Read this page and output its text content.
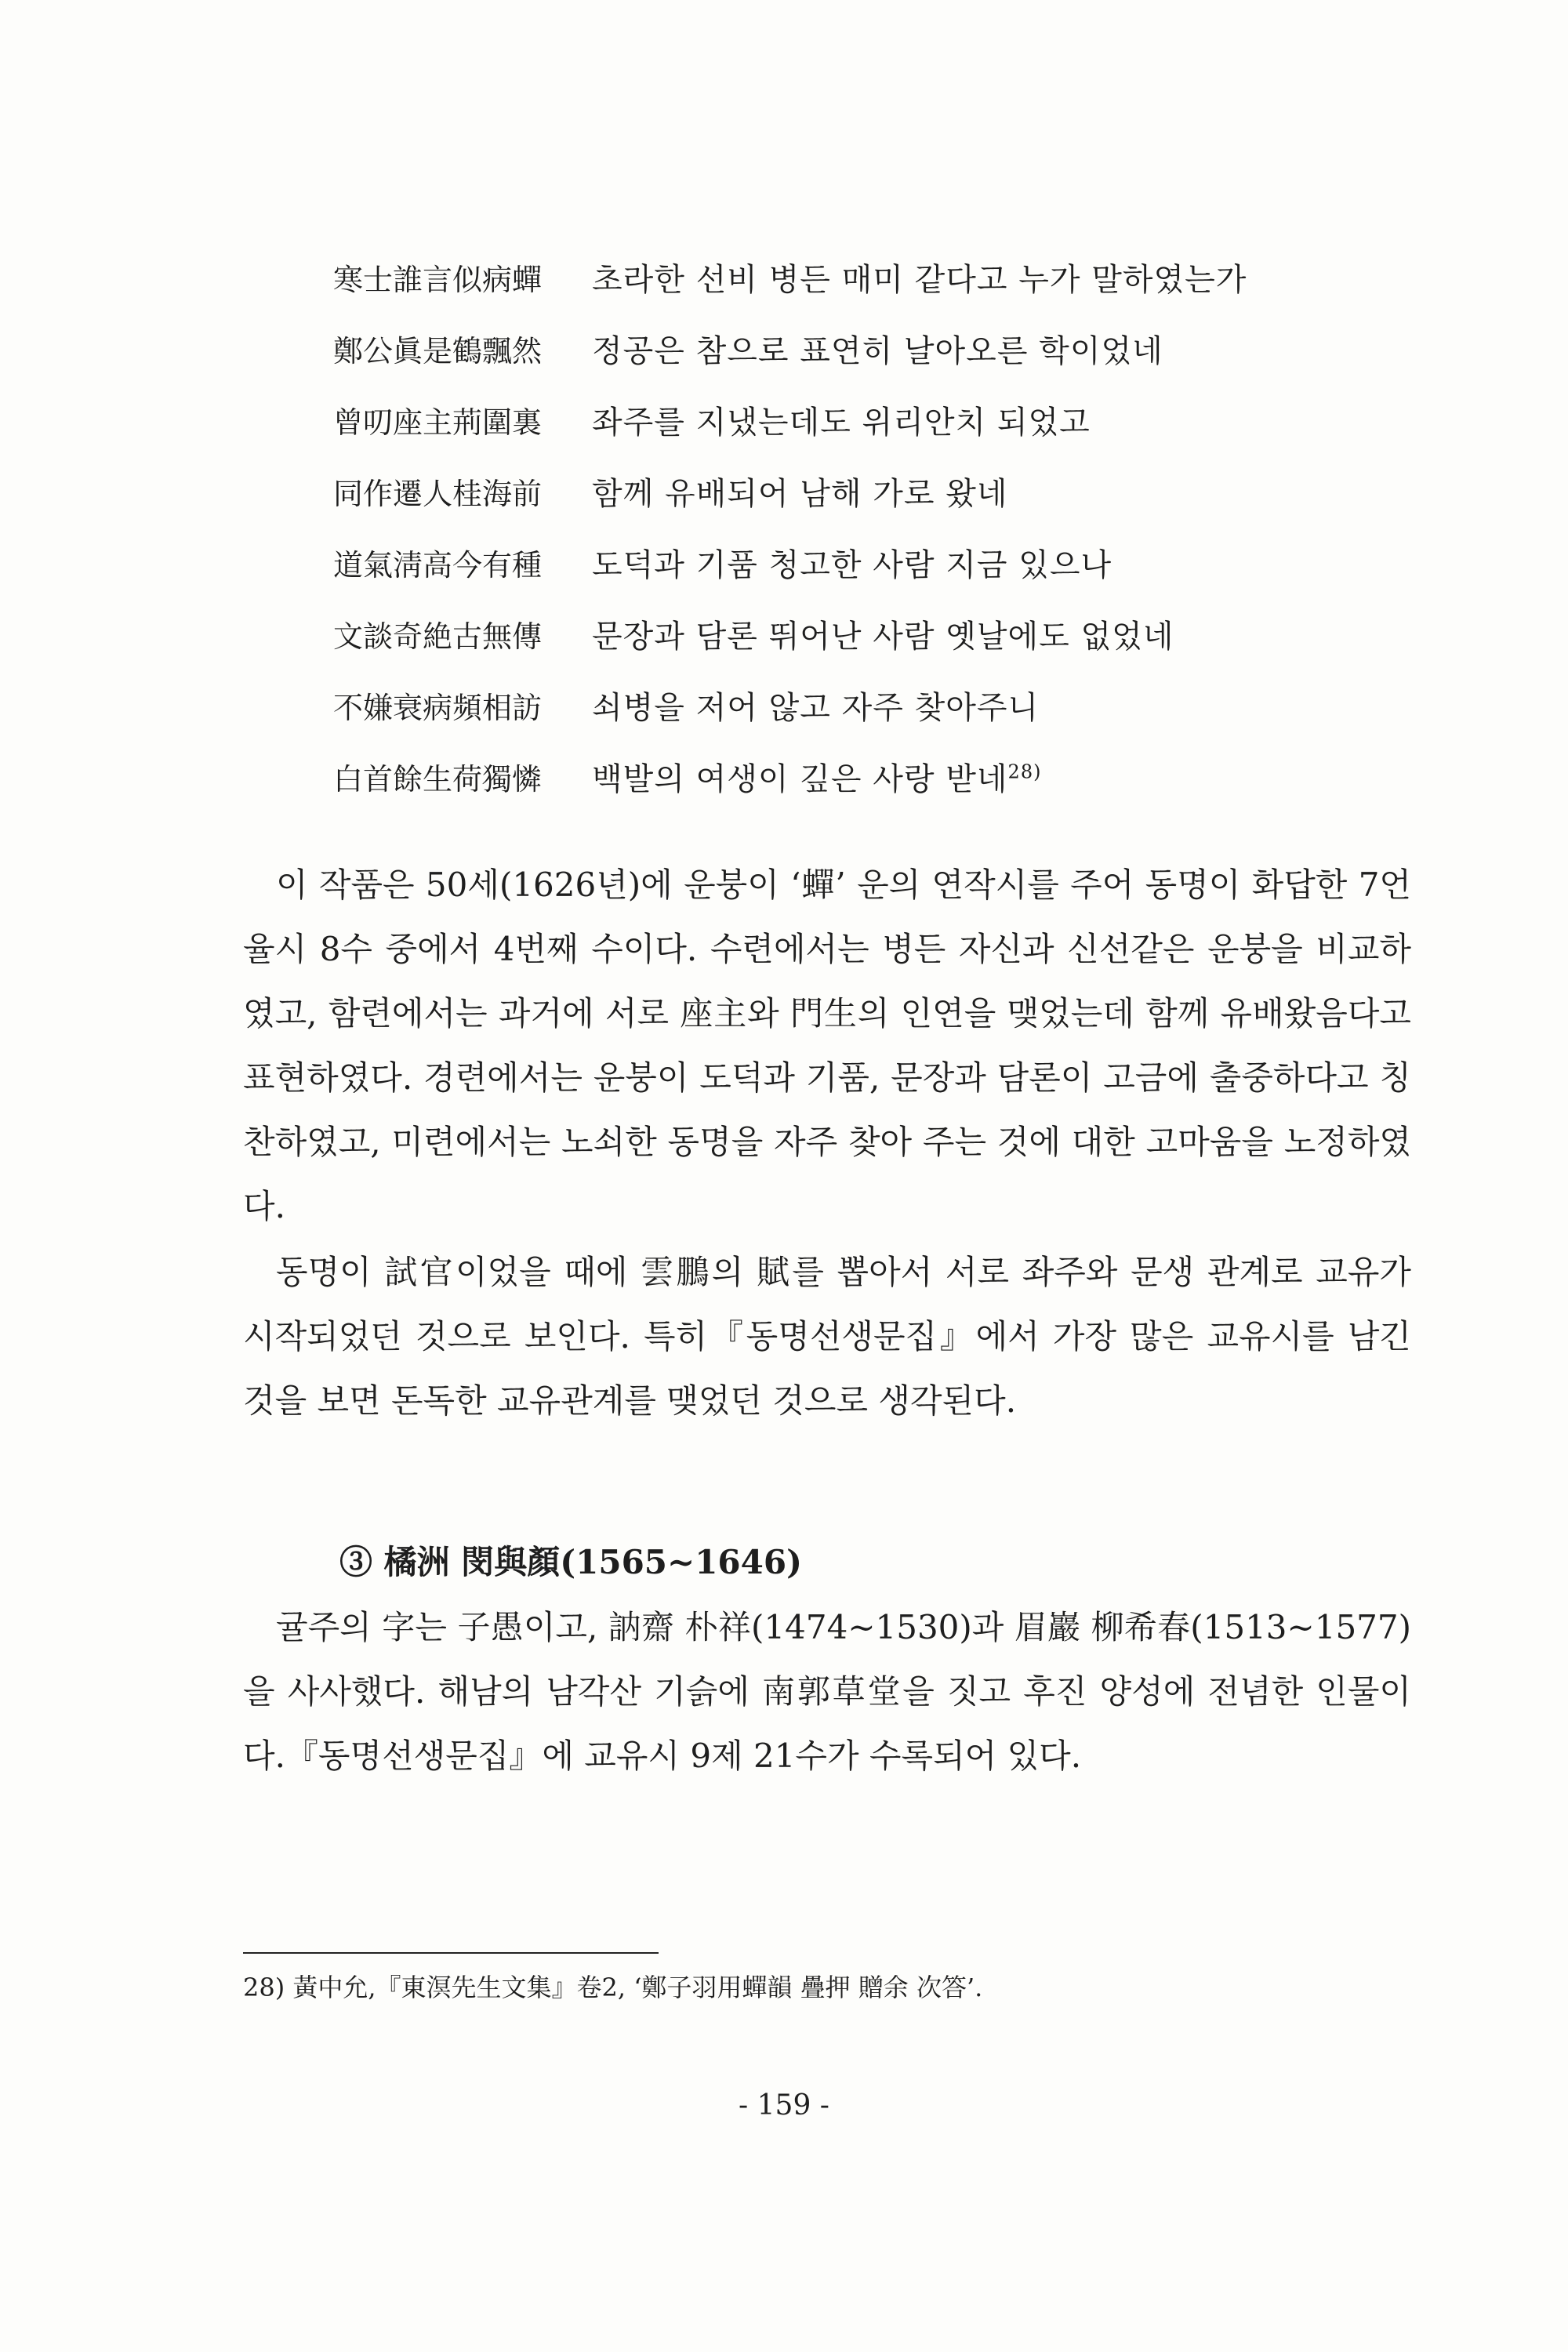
寒士誰言似病蟬	초라한 선비 병든 매미 같다고 누가 말하였는가
鄭公眞是鶴飄然	정공은 참으로 표연히 날아오른 학이었네
曾叨座主荊圍裏	좌주를 지냈는데도 위리안치 되었고
同作遷人桂海前	함께 유배되어 남해 가로 왔네
道氣淸高今有種	도덕과 기품 청고한 사람 지금 있으나
文談奇絶古無傳	문장과 담론 뛰어난 사람 옛날에도 없었네
不嫌衰病頻相訪	쇠병을 저어 않고 자주 찾아주니
白首餘生荷獨憐	백발의 여생이 깊은 사랑 받네$^{28)}$

이 작품은 50세(1626년)에 운붕이 ‘蟬’ 운의 연작시를 주어 동명이 화답한 7언 율시 8수 중에서 4번째 수이다. 수련에서는 병든 자신과 신선같은 운붕을 비교하였고, 함련에서는 과거에 서로 座主와 門生의 인연을 맺었는데 함께 유배왔음다고 표현하였다. 경련에서는 운붕이 도덕과 기품, 문장과 담론이 고금에 출중하다고 칭찬하였고, 미련에서는 노쇠한 동명을 자주 찾아 주는 것에 대한 고마움을 노정하였다.

동명이 試官이었을 때에 雲鵬의 賦를 뽑아서 서로 좌주와 문생 관계로 교유가 시작되었던 것으로 보인다. 특히『동명선생문집』에서 가장 많은 교유시를 남긴 것을 보면 돈독한 교유관계를 맺었던 것으로 생각된다.

③ 橘洲 閔與顏(1565~1646)

귤주의 字는 子愚이고, 訥齋 朴祥(1474~1530)과 眉巖 柳希春(1513~1577)을 사사했다. 해남의 남각산 기슭에 南郭草堂을 짓고 후진 양성에 전념한 인물이다.『동명선생문집』에 교유시 9제 21수가 수록되어 있다.

28) 黃中允,『東溟先生文集』卷2, ‘鄭子羽用蟬韻 疊押 贈余 次答’.
- 159 -
